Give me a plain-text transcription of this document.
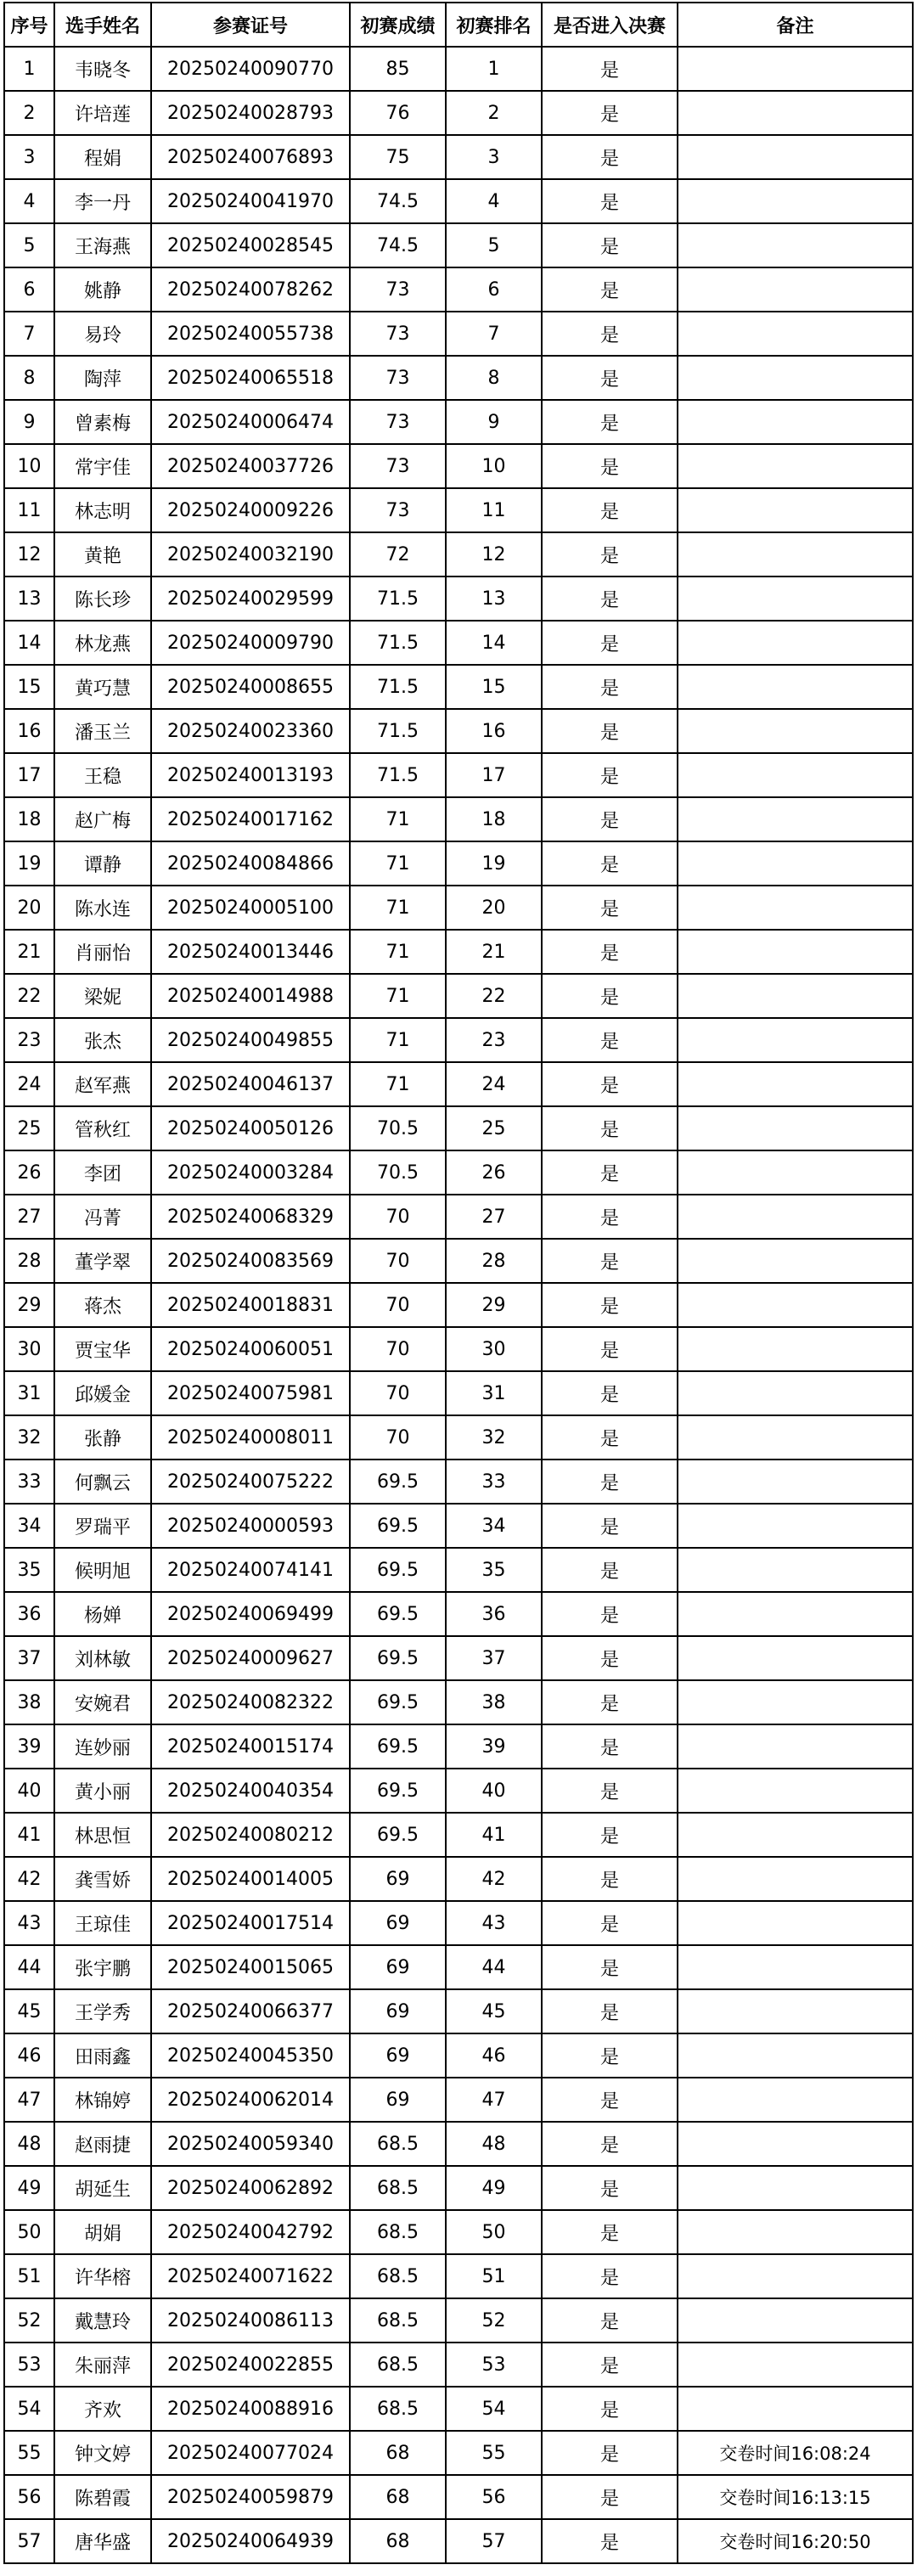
序号	选手姓名	参赛证号	初赛成绩	初赛排名	是否进入决赛	备注
1	韦晓冬	20250240090770	85	1	是	
2	许培莲	20250240028793	76	2	是	
3	程娟	20250240076893	75	3	是	
4	李一丹	20250240041970	74.5	4	是	
5	王海燕	20250240028545	74.5	5	是	
6	姚静	20250240078262	73	6	是	
7	易玲	20250240055738	73	7	是	
8	陶萍	20250240065518	73	8	是	
9	曾素梅	20250240006474	73	9	是	
10	常宇佳	20250240037726	73	10	是	
11	林志明	20250240009226	73	11	是	
12	黄艳	20250240032190	72	12	是	
13	陈长珍	20250240029599	71.5	13	是	
14	林龙燕	20250240009790	71.5	14	是	
15	黄巧慧	20250240008655	71.5	15	是	
16	潘玉兰	20250240023360	71.5	16	是	
17	王稳	20250240013193	71.5	17	是	
18	赵广梅	20250240017162	71	18	是	
19	谭静	20250240084866	71	19	是	
20	陈水连	20250240005100	71	20	是	
21	肖丽怡	20250240013446	71	21	是	
22	梁妮	20250240014988	71	22	是	
23	张杰	20250240049855	71	23	是	
24	赵军燕	20250240046137	71	24	是	
25	管秋红	20250240050126	70.5	25	是	
26	李团	20250240003284	70.5	26	是	
27	冯菁	20250240068329	70	27	是	
28	董学翠	20250240083569	70	28	是	
29	蒋杰	20250240018831	70	29	是	
30	贾宝华	20250240060051	70	30	是	
31	邱媛金	20250240075981	70	31	是	
32	张静	20250240008011	70	32	是	
33	何飘云	20250240075222	69.5	33	是	
34	罗瑞平	20250240000593	69.5	34	是	
35	候明旭	20250240074141	69.5	35	是	
36	杨婵	20250240069499	69.5	36	是	
37	刘林敏	20250240009627	69.5	37	是	
38	安婉君	20250240082322	69.5	38	是	
39	连妙丽	20250240015174	69.5	39	是	
40	黄小丽	20250240040354	69.5	40	是	
41	林思恒	20250240080212	69.5	41	是	
42	龚雪娇	20250240014005	69	42	是	
43	王琼佳	20250240017514	69	43	是	
44	张宇鹏	20250240015065	69	44	是	
45	王学秀	20250240066377	69	45	是	
46	田雨鑫	20250240045350	69	46	是	
47	林锦婷	20250240062014	69	47	是	
48	赵雨捷	20250240059340	68.5	48	是	
49	胡延生	20250240062892	68.5	49	是	
50	胡娟	20250240042792	68.5	50	是	
51	许华榕	20250240071622	68.5	51	是	
52	戴慧玲	20250240086113	68.5	52	是	
53	朱丽萍	20250240022855	68.5	53	是	
54	齐欢	20250240088916	68.5	54	是	
55	钟文婷	20250240077024	68	55	是	交卷时间16:08:24
56	陈碧霞	20250240059879	68	56	是	交卷时间16:13:15
57	唐华盛	20250240064939	68	57	是	交卷时间16:20:50
